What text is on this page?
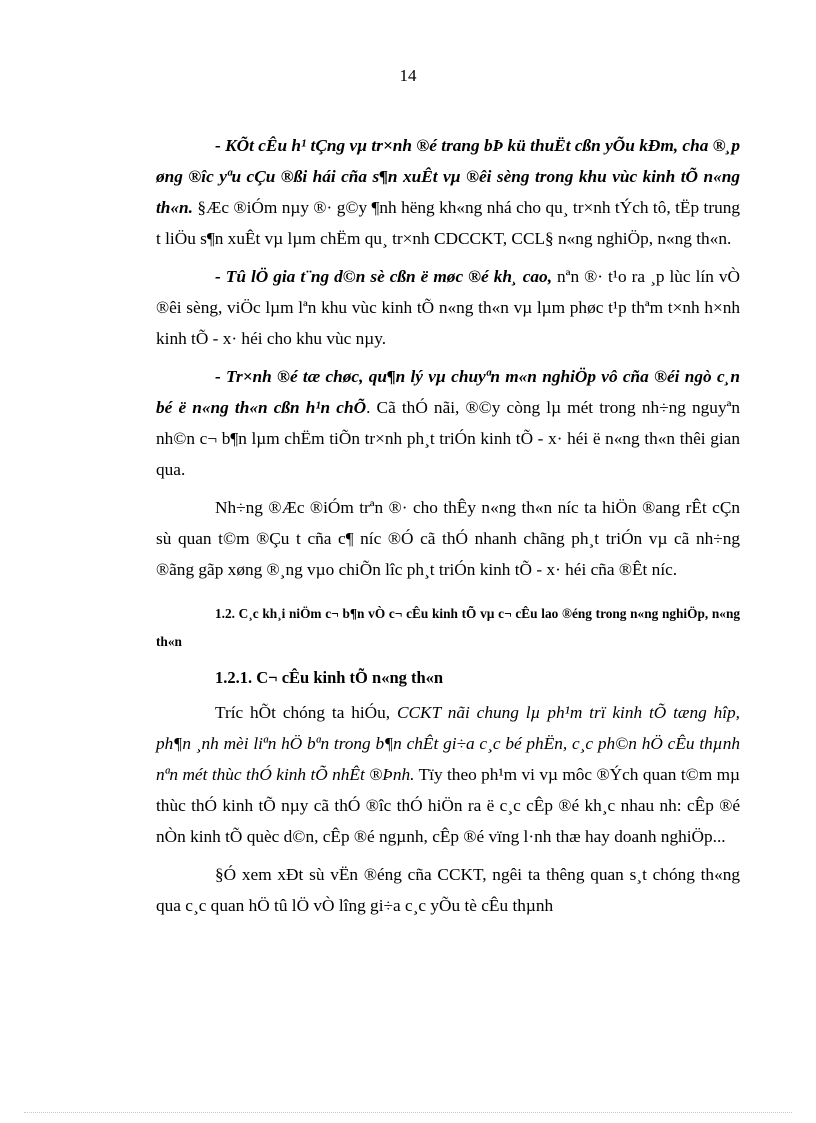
14

- KÕt cÊu h¹ tÇng vµ tr×nh ®é trang bÞ kü thuËt cßn yÕu kÐm, cha ®¸p øng ®îc yªu cÇu ®ßi hái cña s¶n xuÊt vµ ®êi sèng trong khu vùc kinh tÕ n«ng th«n. §Æc ®iÓm nµy ®· g©y ¶nh hëng kh«ng nhá cho qu¸ tr×nh tÝch tô, tËp trung t liÖu s¶n xuÊt vµ lµm chËm qu¸ tr×nh CDCCKT, CCL§ n«ng nghiÖp, n«ng th«n.

- Tû lÖ gia t¨ng d©n sè cßn ë møc ®é kh¸ cao, nªn ®· t¹o ra ¸p lùc lín vÒ ®êi sèng, viÖc lµm lªn khu vùc kinh tÕ n«ng th«n vµ lµm phøc t¹p thªm t×nh h×nh kinh tÕ - x· héi cho khu vùc nµy.

- Tr×nh ®é tæ chøc, qu¶n lý vµ chuyªn m«n nghiÖp vô cña ®éi ngò c¸n bé ë n«ng th«n cßn h¹n chÕ. Cã thÓ nãi, ®©y còng lµ mét trong nh÷ng nguyªn nh©n c¬ b¶n lµm chËm tiÕn tr×nh ph¸t triÓn kinh tÕ - x· héi ë n«ng th«n thêi gian qua.

Nh÷ng ®Æc ®iÓm trªn ®· cho thÊy n«ng th«n níc ta hiÖn ®ang rÊt cÇn sù quan t©m ®Çu t cña c¶ níc ®Ó cã thÓ nhanh chãng ph¸t triÓn vµ cã nh÷ng ®ãng gãp xøng ®¸ng vµo chiÕn lîc ph¸t triÓn kinh tÕ - x· héi cña ®Êt níc.

1.2. C¸c kh¸i niÖm c¬ b¶n vÒ c¬ cÊu kinh tÕ vµ c¬ cÊu lao ®éng trong n«ng nghiÖp, n«ng th«n
1.2.1. C¬ cÊu kinh tÕ n«ng th«n

Tríc hÕt chóng ta hiÓu, CCKT nãi chung lµ ph¹m trï kinh tÕ tæng hîp, ph¶n ¸nh mèi liªn hÖ bªn trong b¶n chÊt gi÷a c¸c bé phËn, c¸c ph©n hÖ cÊu thµnh nªn mét thùc thÓ kinh tÕ nhÊt ®Þnh. Tïy theo ph¹m vi vµ môc ®Ých quan t©m mµ thùc thÓ kinh tÕ nµy cã thÓ ®îc thÓ hiÖn ra ë c¸c cÊp ®é kh¸c nhau nh: cÊp ®é nÒn kinh tÕ quèc d©n, cÊp ®é ngµnh, cÊp ®é vïng l·nh thæ hay doanh nghiÖp...

§Ó xem xÐt sù vËn ®éng cña CCKT, ngêi ta thêng quan s¸t chóng th«ng qua c¸c quan hÖ tû lÖ vÒ lîng gi÷a c¸c yÕu tè cÊu thµnh
